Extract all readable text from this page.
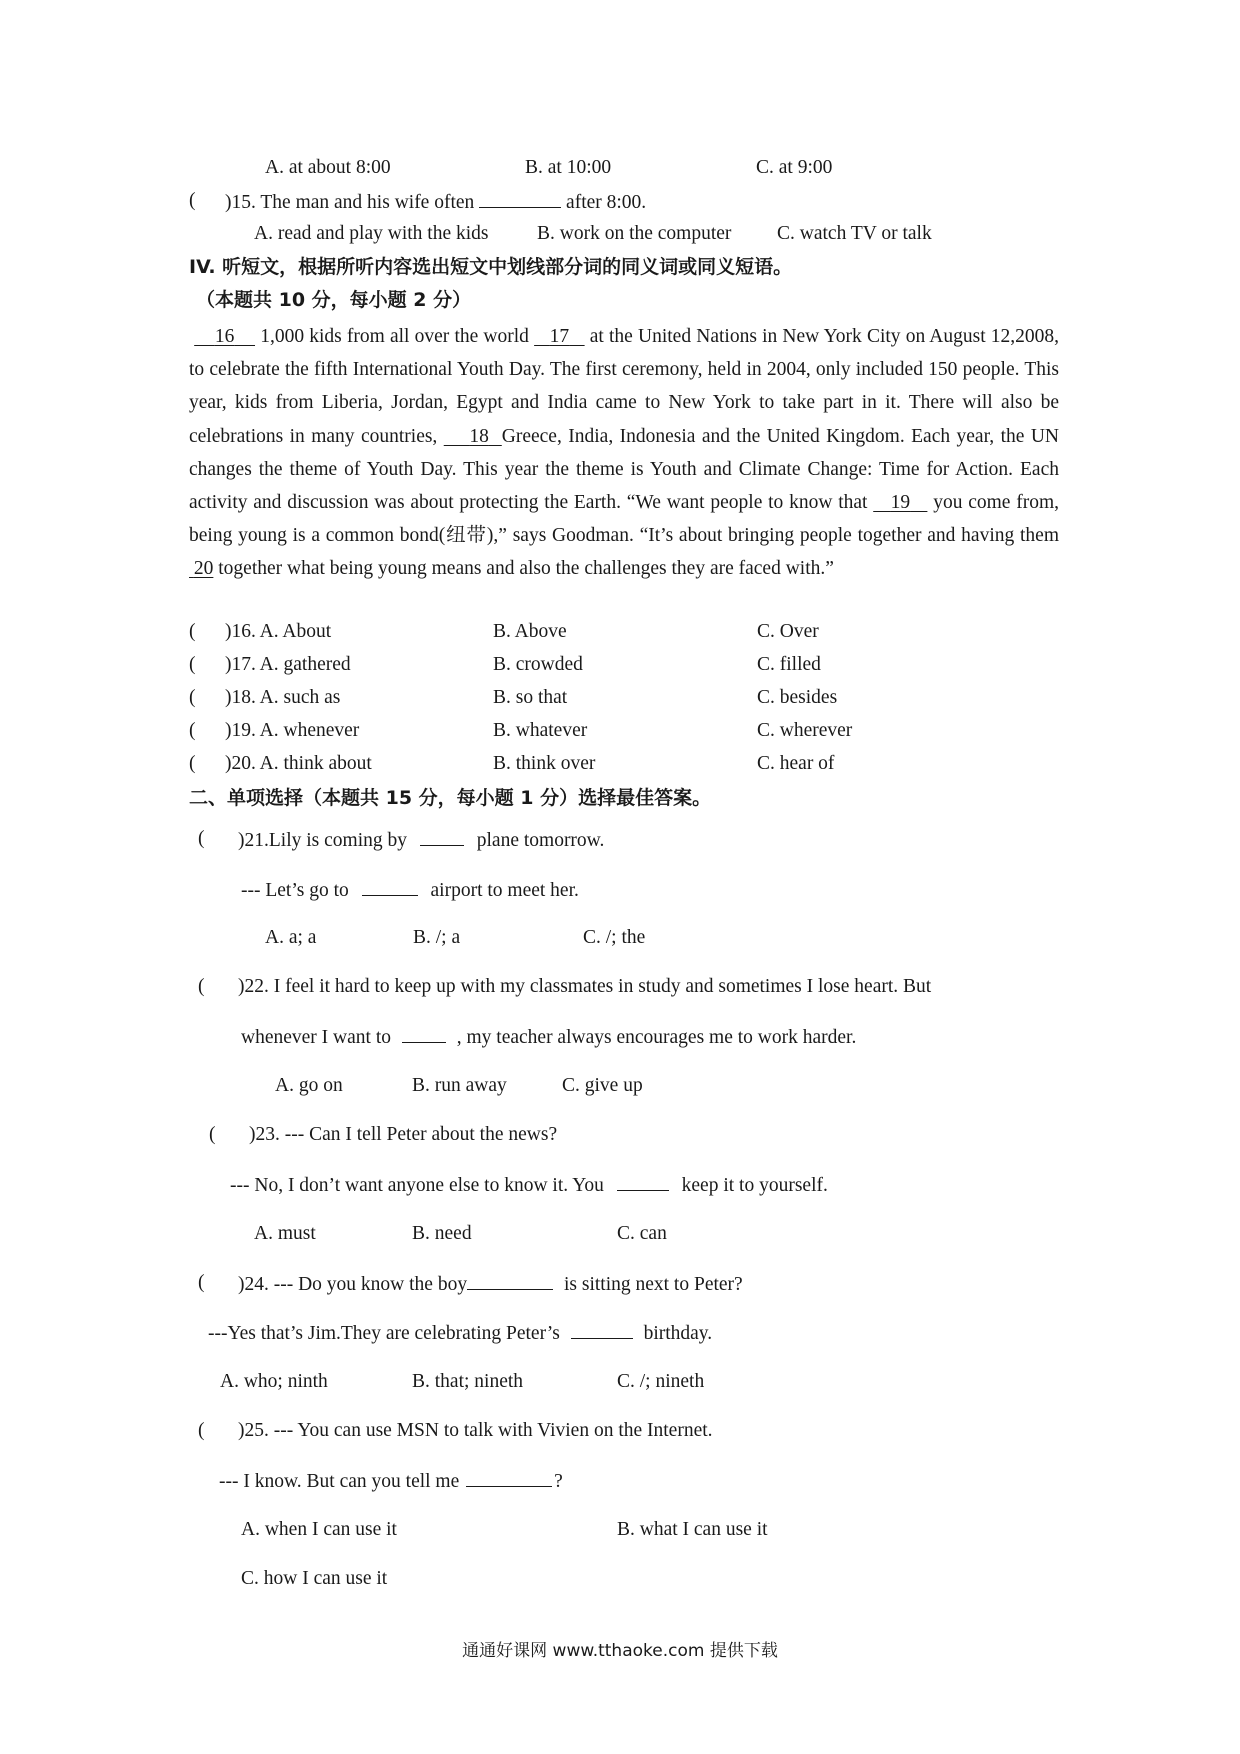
A. at about 8:00	B. at 10:00	C. at 9:00
( )15. The man and his wife often	after 8:00.
A. read and play with the kids B. work on the computer C. watch TV or talk
IV. 听短文，根据所听内容选出短文中划线部分词的同义词或同义短语。
（本题共 10 分，每小题 2 分）
16 1,000 kids from all over the world 17 at the United Nations in New York City on August 12,2008, to celebrate the fifth International Youth Day. The first ceremony, held in 2004, only included 150 people. This year, kids from Liberia, Jordan, Egypt and India came to New York to take part in it. There will also be celebrations in many countries, 18 Greece, India, Indonesia and the United Kingdom. Each year, the UN changes the theme of Youth Day. This year the theme is Youth and Climate Change: Time for Action. Each activity and discussion was about protecting the Earth. “We want people to know that 19 you come from, being young is a common bond(纽带),” says Goodman. “It’s about bringing people together and having them  20 together what being young means and also the challenges they are faced with.”
( )16. A. About	B. Above	C. Over
( )17. A. gathered	B. crowded	C. filled
( )18. A. such as	B. so that	C. besides
( )19. A. whenever	B. whatever	C. wherever
( )20. A. think about	B. think over	C. hear of
二、单项选择（本题共 15 分，每小题 1 分）选择最佳答案。
( )21.Lily is coming by	plane tomorrow.
--- Let’s go to	airport to meet her.
A. a; a	B. /; a	C. /; the
( )22. I feel it hard to keep up with my classmates in study and sometimes I lose heart. But
whenever I want to	, my teacher always encourages me to work harder.
A. go on	B. run away	C. give up
( )23. --- Can I tell Peter about the news?
--- No, I don’t want anyone else to know it. You	keep it to yourself.
A. must	B. need	C. can
( )24. --- Do you know the boy	is sitting next to Peter?
---Yes that’s Jim.They are celebrating Peter’s	birthday.
A. who; ninth	B. that; nineth	C. /; nineth
( )25. --- You can use MSN to talk with Vivien on the Internet.
--- I know. But can you tell me	?
A. when I can use it	B. what I can use it
C. how I can use it
通通好课网 www.tthaoke.com 提供下载
